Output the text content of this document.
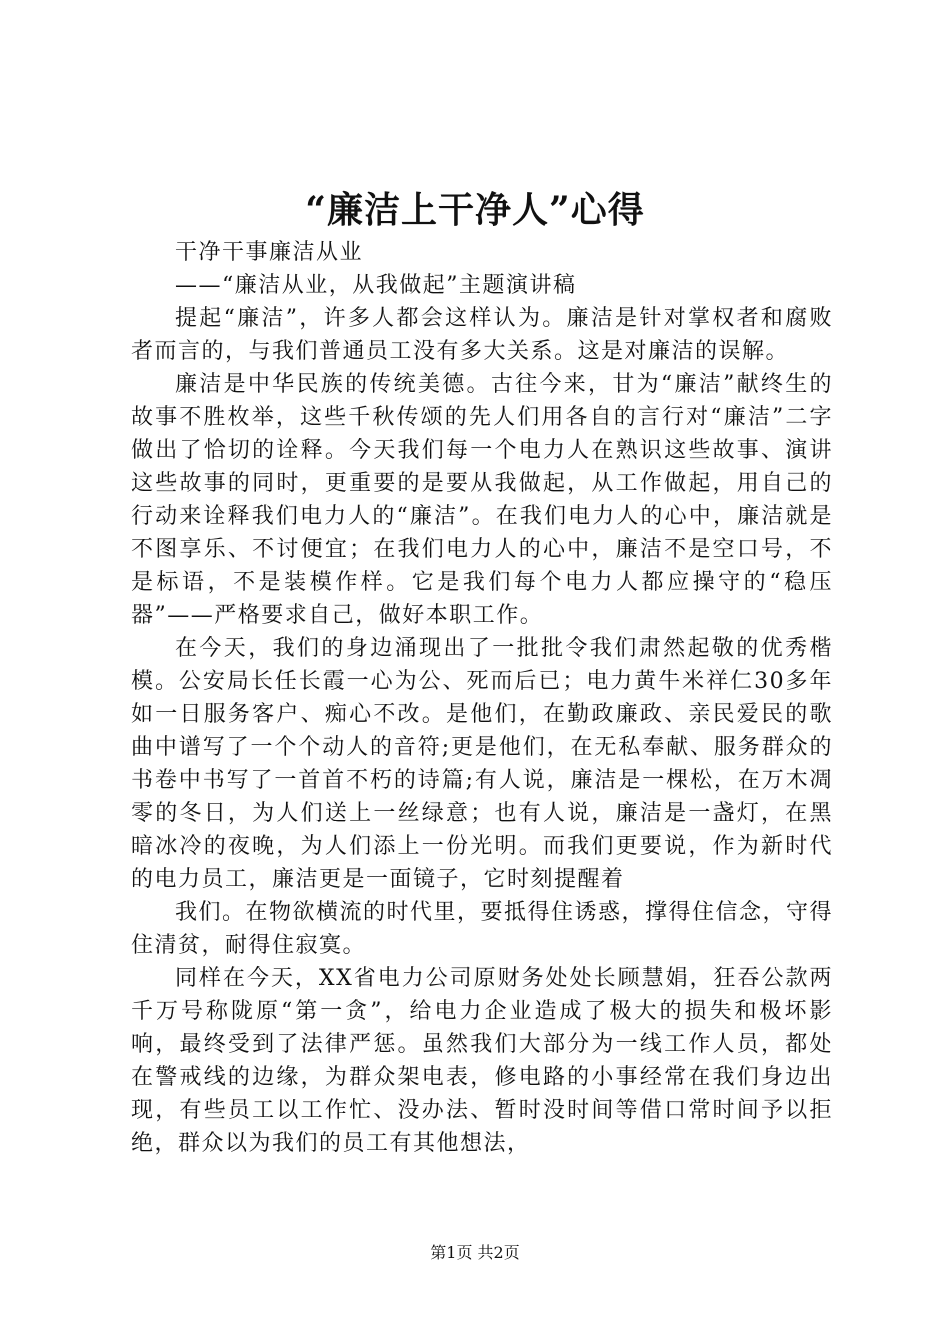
“廉洁上干净人”心得

干净干事廉洁从业

——“廉洁从业，从我做起”主题演讲稿

提起“廉洁”，许多人都会这样认为。廉洁是针对掌权者和腐败者而言的，与我们普通员工没有多大关系。这是对廉洁的误解。

廉洁是中华民族的传统美德。古往今来，甘为“廉洁”献终生的故事不胜枚举，这些千秋传颂的先人们用各自的言行对“廉洁”二字做出了恰切的诠释。今天我们每一个电力人在熟识这些故事、演讲这些故事的同时，更重要的是要从我做起，从工作做起，用自己的行动来诠释我们电力人的“廉洁”。在我们电力人的心中，廉洁就是不图享乐、不讨便宜；在我们电力人的心中，廉洁不是空口号，不是标语，不是装模作样。它是我们每个电力人都应操守的“稳压器”——严格要求自己，做好本职工作。

在今天，我们的身边涌现出了一批批令我们肃然起敬的优秀楷模。公安局长任长霞一心为公、死而后已；电力黄牛米祥仁30多年如一日服务客户、痴心不改。是他们，在勤政廉政、亲民爱民的歌曲中谱写了一个个动人的音符;更是他们，在无私奉献、服务群众的书卷中书写了一首首不朽的诗篇;有人说，廉洁是一棵松，在万木凋零的冬日，为人们送上一丝绿意；也有人说，廉洁是一盏灯，在黑暗冰冷的夜晚，为人们添上一份光明。而我们更要说，作为新时代的电力员工，廉洁更是一面镜子，它时刻提醒着

我们。在物欲横流的时代里，要抵得住诱惑，撑得住信念，守得住清贫，耐得住寂寞。

同样在今天，XX省电力公司原财务处处长顾慧娟，狂吞公款两千万号称陇原“第一贪”，给电力企业造成了极大的损失和极坏影响，最终受到了法律严惩。虽然我们大部分为一线工作人员，都处在警戒线的边缘，为群众架电表，修电路的小事经常在我们身边出现，有些员工以工作忙、没办法、暂时没时间等借口常时间予以拒绝，群众以为我们的员工有其他想法，

第1页 共2页
